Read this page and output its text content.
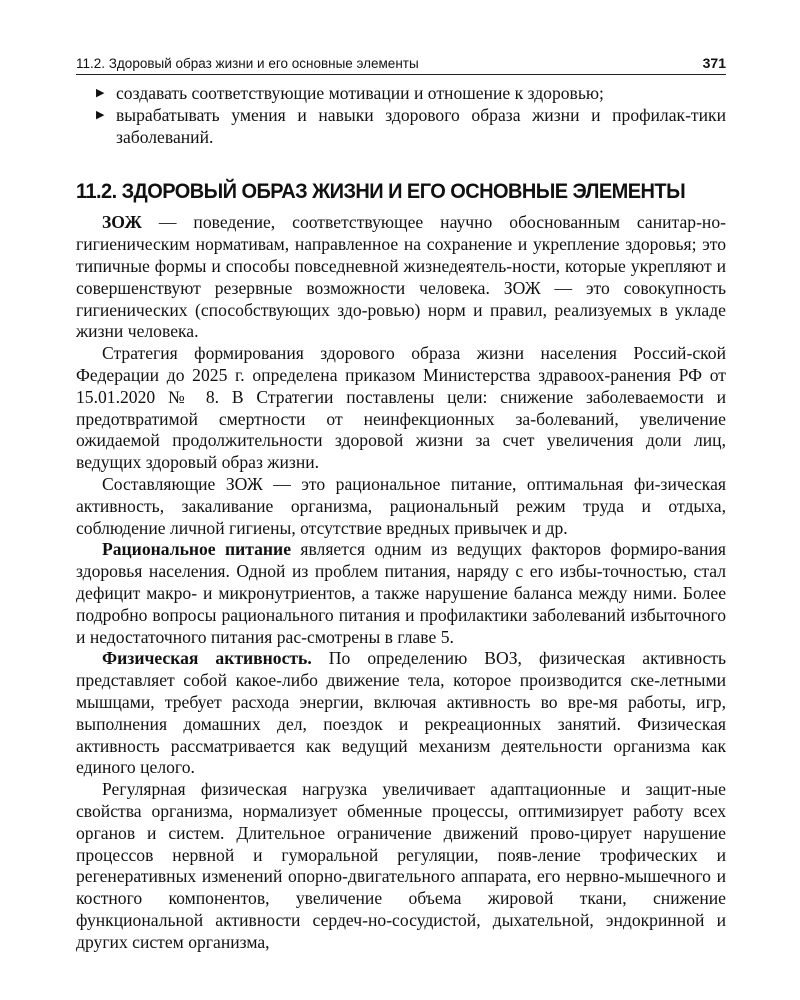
11.2. Здоровый образ жизни и его основные элементы	371
▶ создавать соответствующие мотивации и отношение к здоровью;
▶ вырабатывать умения и навыки здорового образа жизни и профилак-тики заболеваний.
11.2. ЗДОРОВЫЙ ОБРАЗ ЖИЗНИ И ЕГО ОСНОВНЫЕ ЭЛЕМЕНТЫ

ЗОЖ — поведение, соответствующее научно обоснованным санитар-но-гигиеническим нормативам, направленное на сохранение и укрепление здоровья; это типичные формы и способы повседневной жизнедеятель-ности, которые укрепляют и совершенствуют резервные возможности человека. ЗОЖ — это совокупность гигиенических (способствующих здо-ровью) норм и правил, реализуемых в укладе жизни человека.

Стратегия формирования здорового образа жизни населения Россий-ской Федерации до 2025 г. определена приказом Министерства здравоох-ранения РФ от 15.01.2020 № 8. В Стратегии поставлены цели: снижение заболеваемости и предотвратимой смертности от неинфекционных за-болеваний, увеличение ожидаемой продолжительности здоровой жизни за счет увеличения доли лиц, ведущих здоровый образ жизни.

Составляющие ЗОЖ — это рациональное питание, оптимальная фи-зическая активность, закаливание организма, рациональный режим труда и отдыха, соблюдение личной гигиены, отсутствие вредных привычек и др.

Рациональное питание является одним из ведущих факторов формиро-вания здоровья населения. Одной из проблем питания, наряду с его избы-точностью, стал дефицит макро- и микронутриентов, а также нарушение баланса между ними. Более подробно вопросы рационального питания и профилактики заболеваний избыточного и недостаточного питания рас-смотрены в главе 5.

Физическая активность. По определению ВОЗ, физическая активность представляет собой какое-либо движение тела, которое производится ске-летными мышцами, требует расхода энергии, включая активность во вре-мя работы, игр, выполнения домашних дел, поездок и рекреационных занятий. Физическая активность рассматривается как ведущий механизм деятельности организма как единого целого.

Регулярная физическая нагрузка увеличивает адаптационные и защит-ные свойства организма, нормализует обменные процессы, оптимизирует работу всех органов и систем. Длительное ограничение движений прово-цирует нарушение процессов нервной и гуморальной регуляции, появ-ление трофических и регенеративных изменений опорно-двигательного аппарата, его нервно-мышечного и костного компонентов, увеличение объема жировой ткани, снижение функциональной активности сердеч-но-сосудистой, дыхательной, эндокринной и других систем организма,
